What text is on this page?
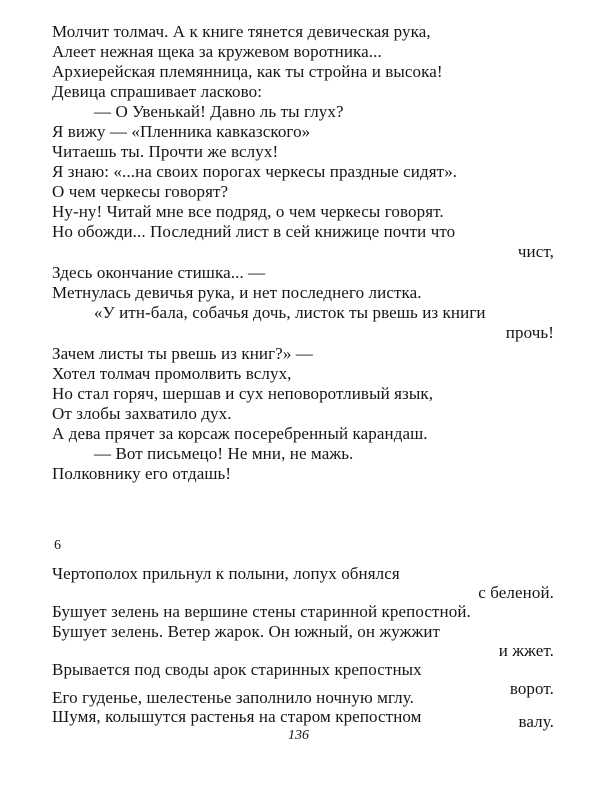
Молчит толмач. А к книге тянется девическая рука,
Алеет нежная щека за кружевом воротника...
Архиерейская племянница, как ты стройна и высока!
Девица спрашивает ласково:
— О Увенькай! Давно ль ты глух?
Я вижу — «Пленника кавказского»
Читаешь ты. Прочти же вслух!
Я знаю: «...на своих порогах черкесы праздные сидят».
О чем черкесы говорят?
Ну-ну! Читай мне все подряд, о чем черкесы говорят.
Но обожди... Последний лист в сей книжице почти что
чист,
Здесь окончание стишка... —
Метнулась девичья рука, и нет последнего листка.
«У итн-бала, собачья дочь, листок ты рвешь из книги
прочь!
Зачем листы ты рвешь из книг?» —
Хотел толмач промолвить вслух,
Но стал горяч, шершав и сух неповоротливый язык,
От злобы захватило дух.
А дева прячет за корсаж посеребренный карандаш.
— Вот письмецо! Не мни, не мажь.
Полковнику его отдашь!
6
Чертополох прильнул к полыни, лопух обнялся
с беленой.
Бушует зелень на вершине стены старинной крепостной.
Бушует зелень. Ветер жарок. Он южный, он жужжит
и жжет.
Врывается под своды арок старинных крепостных
ворот.
Его гуденье, шелестенье заполнило ночную мглу.
Шумя, колышутся растенья на старом крепостном	валу.
136
